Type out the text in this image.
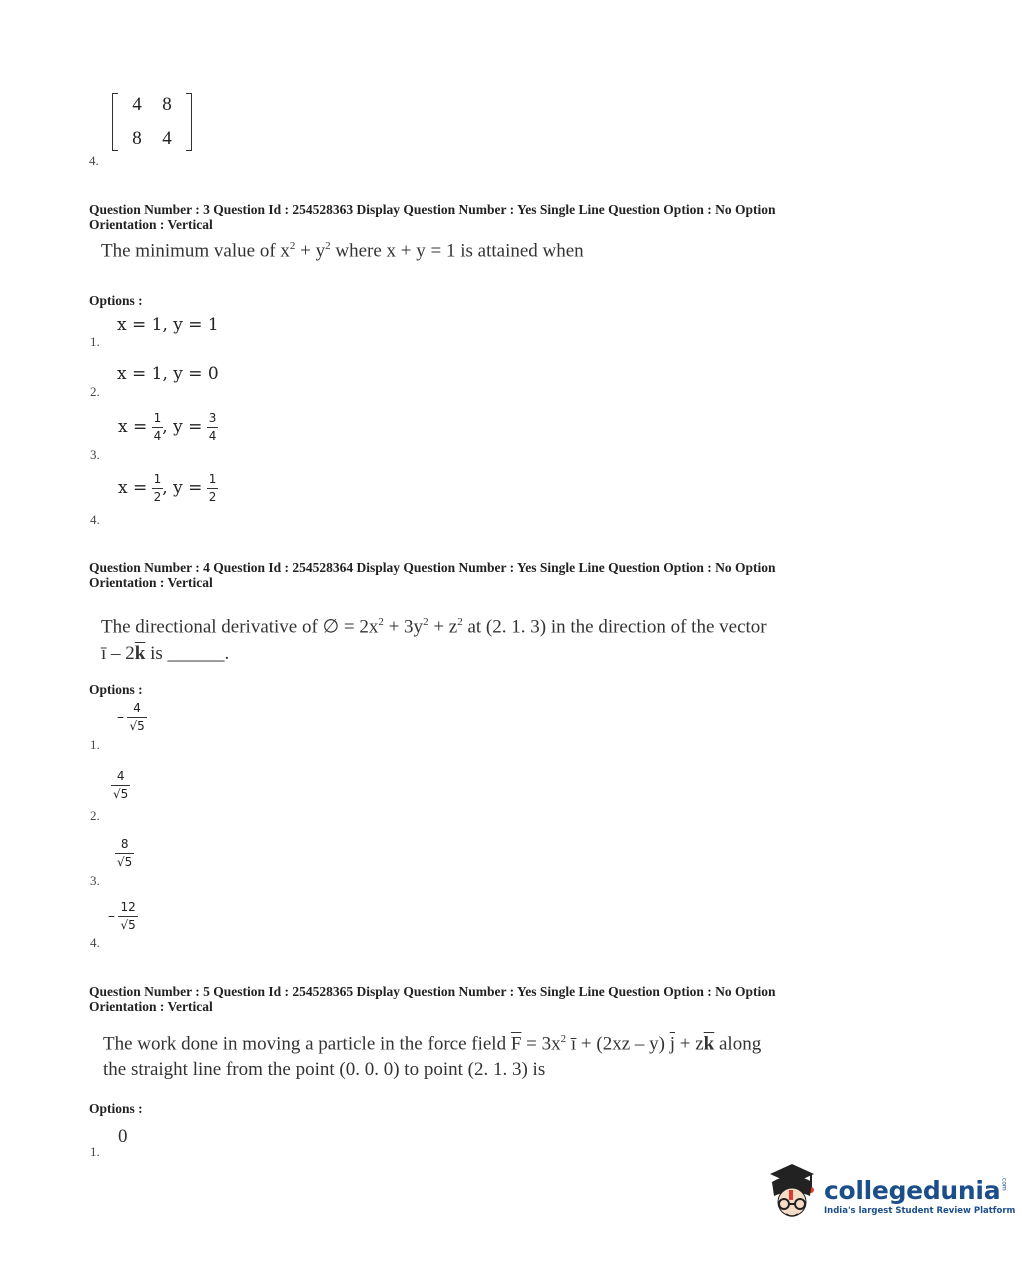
4	8
8	4
4.
Question Number : 3 Question Id : 254528363 Display Question Number : Yes Single Line Question Option : No Option
Orientation : Vertical
The minimum value of $x^2 + y^2$ where x + y = 1 is attained when
Options :
x = 1, y = 1
1.
x = 1, y = 0
2.
$x = \frac{1}{4}$ , $y = \frac{3}{4}$
3.
$x = \frac{1}{2}$ , $y = \frac{1}{2}$
4.
Question Number : 4 Question Id : 254528364 Display Question Number : Yes Single Line Question Option : No Option
Orientation : Vertical
The directional derivative of ∅ = $2x^2 + 3y^2 + z^2$ at (2. 1. 3) in the direction of the vector
ī – $2\overline{k}$ is ______.
Options :
– $\frac{4}{√5}$
1.
$\frac{4}{√5}$
2.
$\frac{8}{√5}$
3.
– $\frac{12}{√5}$
4.
Question Number : 5 Question Id : 254528365 Display Question Number : Yes Single Line Question Option : No Option
Orientation : Vertical
The work done in moving a particle in the force field $\overline{F} = 3x^2$ ī + (2xz – y) $\overline{j} + z\overline{k}$ along
the straight line from the point (0. 0. 0) to point (2. 1. 3) is
Options :
0
1.
collegedunia.com
India's largest Student Review Platform
